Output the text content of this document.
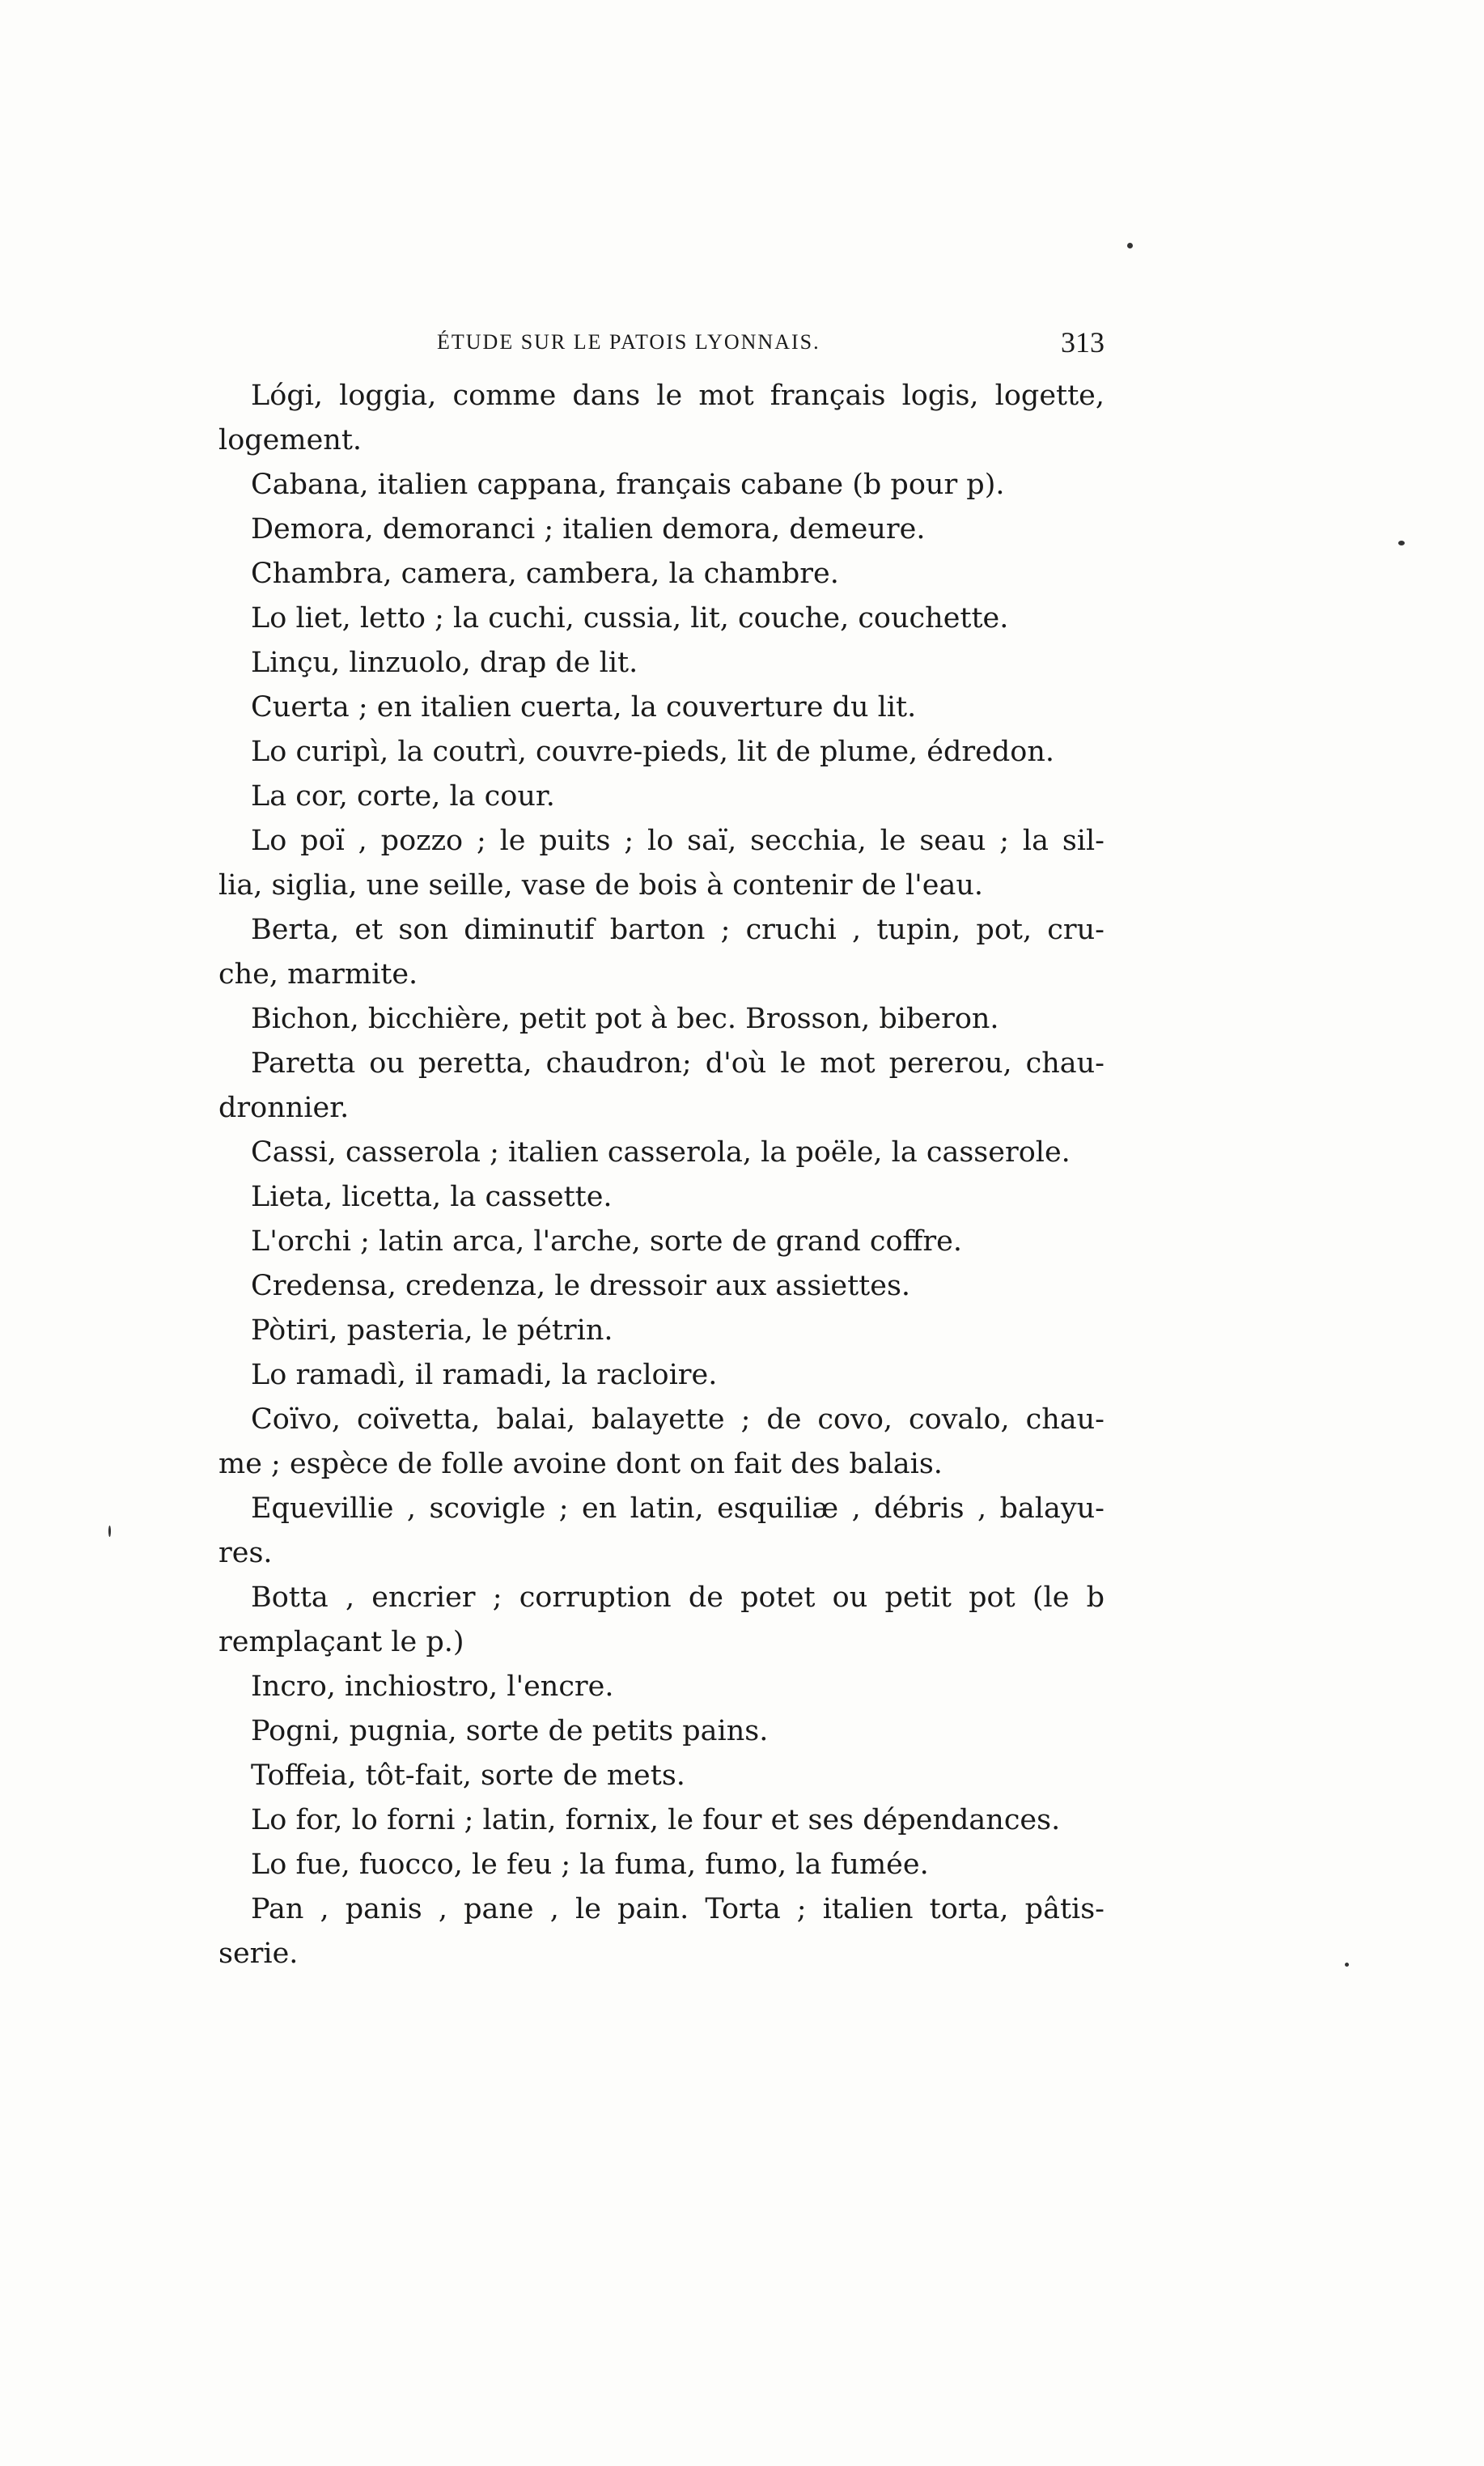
ÉTUDE SUR LE PATOIS LYONNAIS.	313
Lógi, loggia, comme dans le mot français logis, logette,
logement.
Cabana, italien cappana, français cabane (b pour p).
Demora, demoranci ; italien demora, demeure.
Chambra, camera, cambera, la chambre.
Lo liet, letto ; la cuchi, cussia, lit, couche, couchette.
Linçu, linzuolo, drap de lit.
Cuerta ; en italien cuerta, la couverture du lit.
Lo curipì, la coutrì, couvre-pieds, lit de plume, édredon.
La cor, corte, la cour.
Lo poï , pozzo ; le puits ; lo saï, secchia, le seau ; la sil-
lia, siglia, une seille, vase de bois à contenir de l'eau.
Berta, et son diminutif barton ; cruchi , tupin, pot, cru-
che, marmite.
Bichon, bicchière, petit pot à bec. Brosson, biberon.
Paretta ou peretta, chaudron; d'où le mot pererou, chau-
dronnier.
Cassi, casserola ; italien casserola, la poële, la casserole.
Lieta, licetta, la cassette.
L'orchi ; latin arca, l'arche, sorte de grand coffre.
Credensa, credenza, le dressoir aux assiettes.
Pòtiri, pasteria, le pétrin.
Lo ramadì, il ramadi, la racloire.
Coïvo, coïvetta, balai, balayette ; de covo, covalo, chau-
me ; espèce de folle avoine dont on fait des balais.
Equevillie , scovigle ; en latin, esquiliæ , débris , balayu-
res.
Botta , encrier ; corruption de potet ou petit pot (le b
remplaçant le p.)
Incro, inchiostro, l'encre.
Pogni, pugnia, sorte de petits pains.
Toffeia, tôt-fait, sorte de mets.
Lo for, lo forni ; latin, fornix, le four et ses dépendances.
Lo fue, fuocco, le feu ; la fuma, fumo, la fumée.
Pan , panis , pane , le pain. Torta ; italien torta, pâtis-
serie.
